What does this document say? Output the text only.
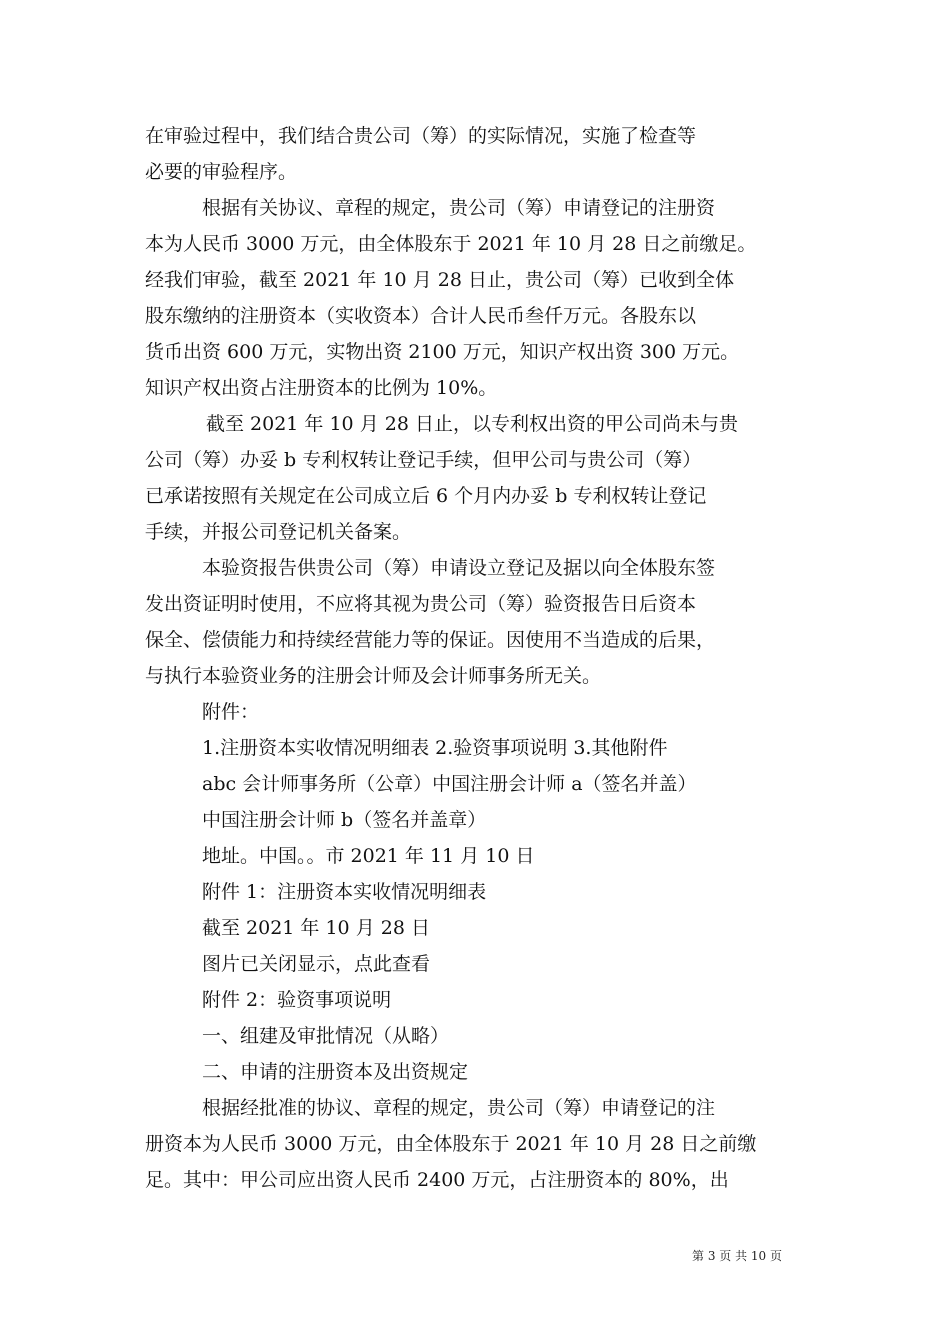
在审验过程中，我们结合贵公司（筹）的实际情况，实施了检查等
必要的审验程序。
根据有关协议、章程的规定，贵公司（筹）申请登记的注册资
本为人民币 3000 万元，由全体股东于 2021 年 10 月 28 日之前缴足。
经我们审验，截至 2021 年 10 月 28 日止，贵公司（筹）已收到全体
股东缴纳的注册资本（实收资本）合计人民币叁仟万元。各股东以
货币出资 600 万元，实物出资 2100 万元，知识产权出资 300 万元。
知识产权出资占注册资本的比例为 10%。
截至 2021 年 10 月 28 日止，以专利权出资的甲公司尚未与贵
公司（筹）办妥 b 专利权转让登记手续，但甲公司与贵公司（筹）
已承诺按照有关规定在公司成立后 6 个月内办妥 b 专利权转让登记
手续，并报公司登记机关备案。
本验资报告供贵公司（筹）申请设立登记及据以向全体股东签
发出资证明时使用，不应将其视为贵公司（筹）验资报告日后资本
保全、偿债能力和持续经营能力等的保证。因使用不当造成的后果，
与执行本验资业务的注册会计师及会计师事务所无关。
附件：
1.注册资本实收情况明细表 2.验资事项说明 3.其他附件
abc 会计师事务所（公章）中国注册会计师 a（签名并盖）
中国注册会计师 b（签名并盖章）
地址。中国。。市 2021 年 11 月 10 日
附件 1：注册资本实收情况明细表
截至 2021 年 10 月 28 日
图片已关闭显示，点此查看
附件 2：验资事项说明
一、组建及审批情况（从略）
二、申请的注册资本及出资规定
根据经批准的协议、章程的规定，贵公司（筹）申请登记的注
册资本为人民币 3000 万元，由全体股东于 2021 年 10 月 28 日之前缴
足。其中：甲公司应出资人民币 2400 万元，占注册资本的 80%，出
第 3 页 共 10 页
